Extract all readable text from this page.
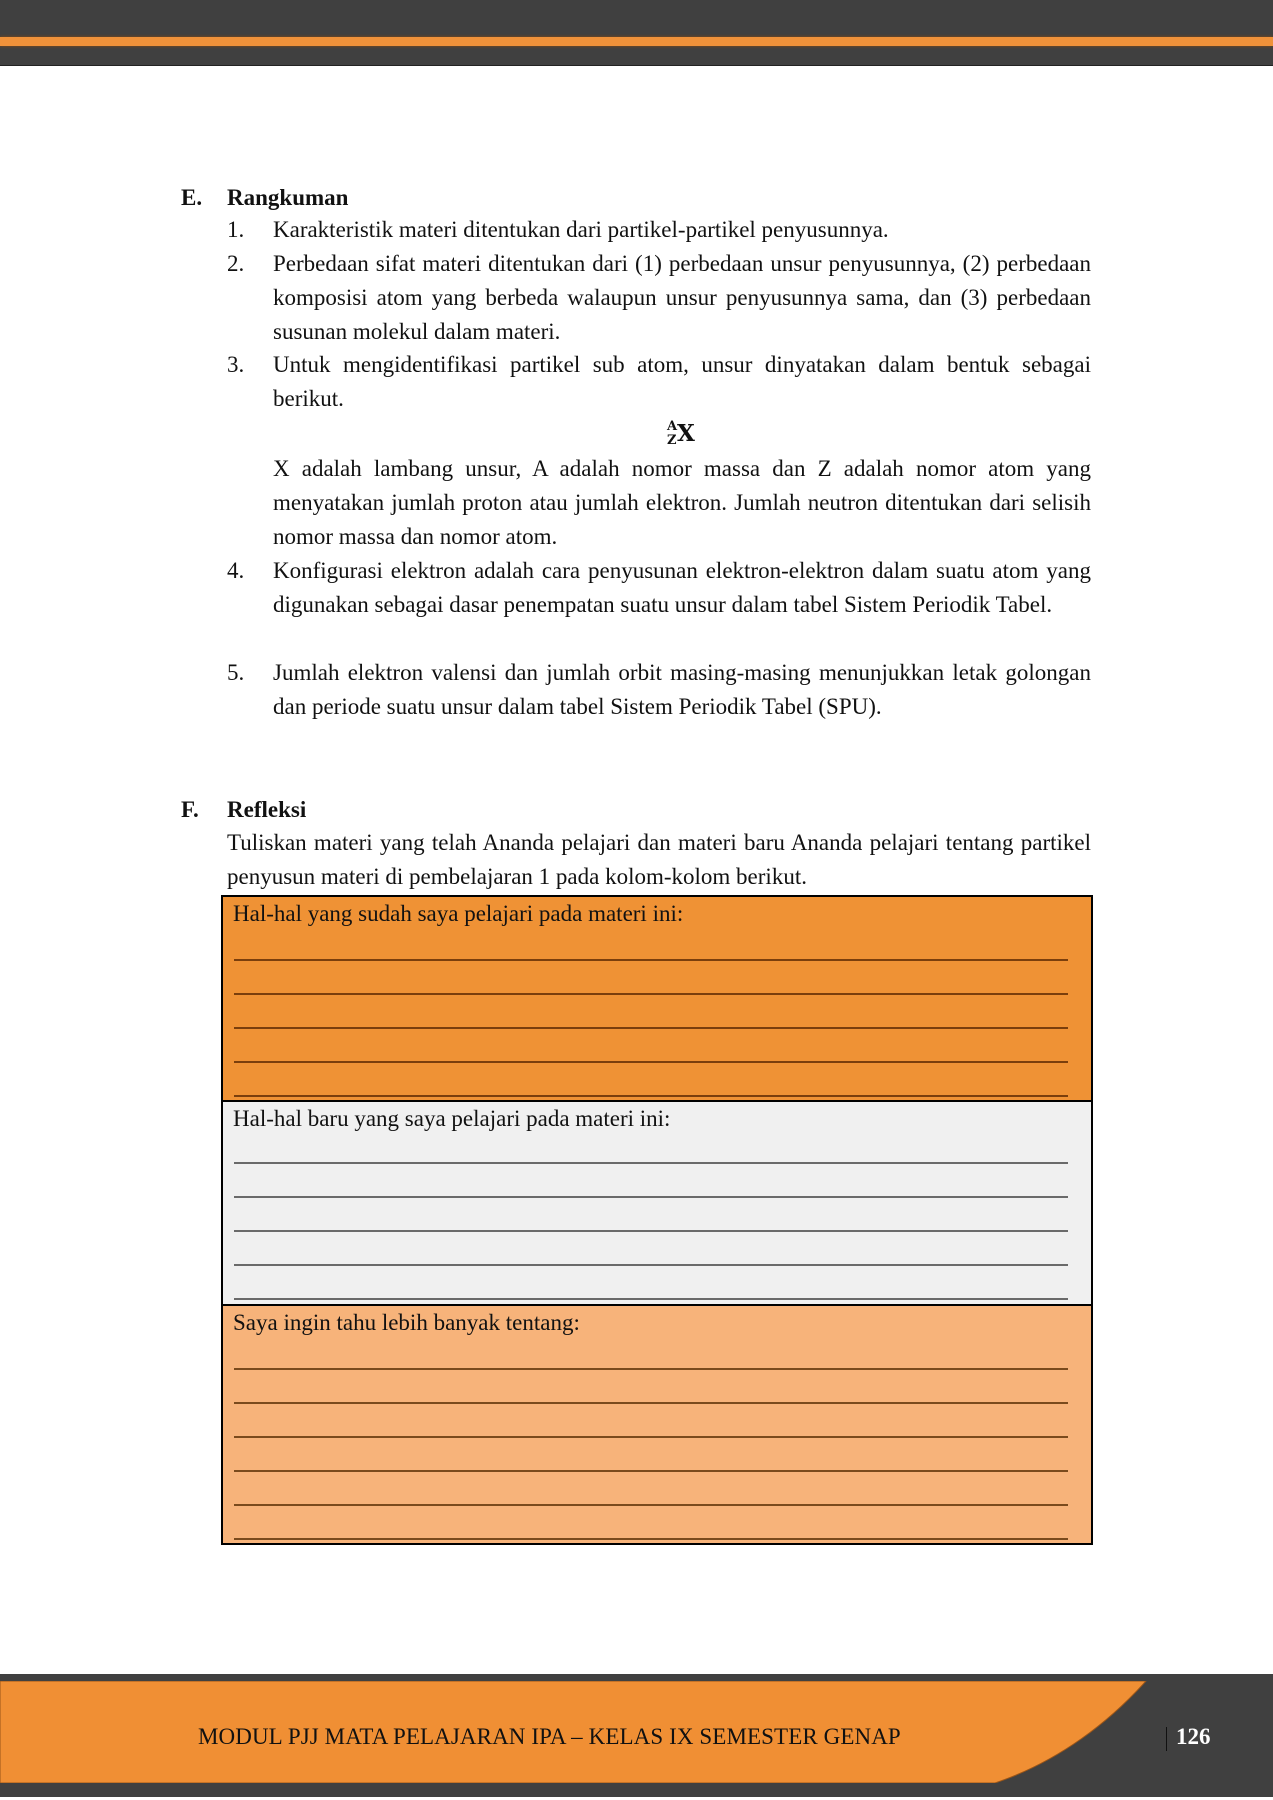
E. Rangkuman
1. Karakteristik materi ditentukan dari partikel-partikel penyusunnya.
2. Perbedaan sifat materi ditentukan dari (1) perbedaan unsur penyusunnya, (2) perbedaan komposisi atom yang berbeda walaupun unsur penyusunnya sama, dan (3) perbedaan susunan molekul dalam materi.
3. Untuk mengidentifikasi partikel sub atom, unsur dinyatakan dalam bentuk sebagai berikut.
A
Z X
X adalah lambang unsur, A adalah nomor massa dan Z adalah nomor atom yang menyatakan jumlah proton atau jumlah elektron. Jumlah neutron ditentukan dari selisih nomor massa dan nomor atom.
4. Konfigurasi elektron adalah cara penyusunan elektron-elektron dalam suatu atom yang digunakan sebagai dasar penempatan suatu unsur dalam tabel Sistem Periodik Tabel.
5. Jumlah elektron valensi dan jumlah orbit masing-masing menunjukkan letak golongan dan periode suatu unsur dalam tabel Sistem Periodik Tabel (SPU).
F. Refleksi
Tuliskan materi yang telah Ananda pelajari dan materi baru Ananda pelajari tentang partikel penyusun materi di pembelajaran 1 pada kolom-kolom berikut.
Hal-hal yang sudah saya pelajari pada materi ini:
Hal-hal baru yang saya pelajari pada materi ini:
Saya ingin tahu lebih banyak tentang:
MODUL PJJ MATA PELAJARAN IPA – KELAS IX SEMESTER GENAP	126
